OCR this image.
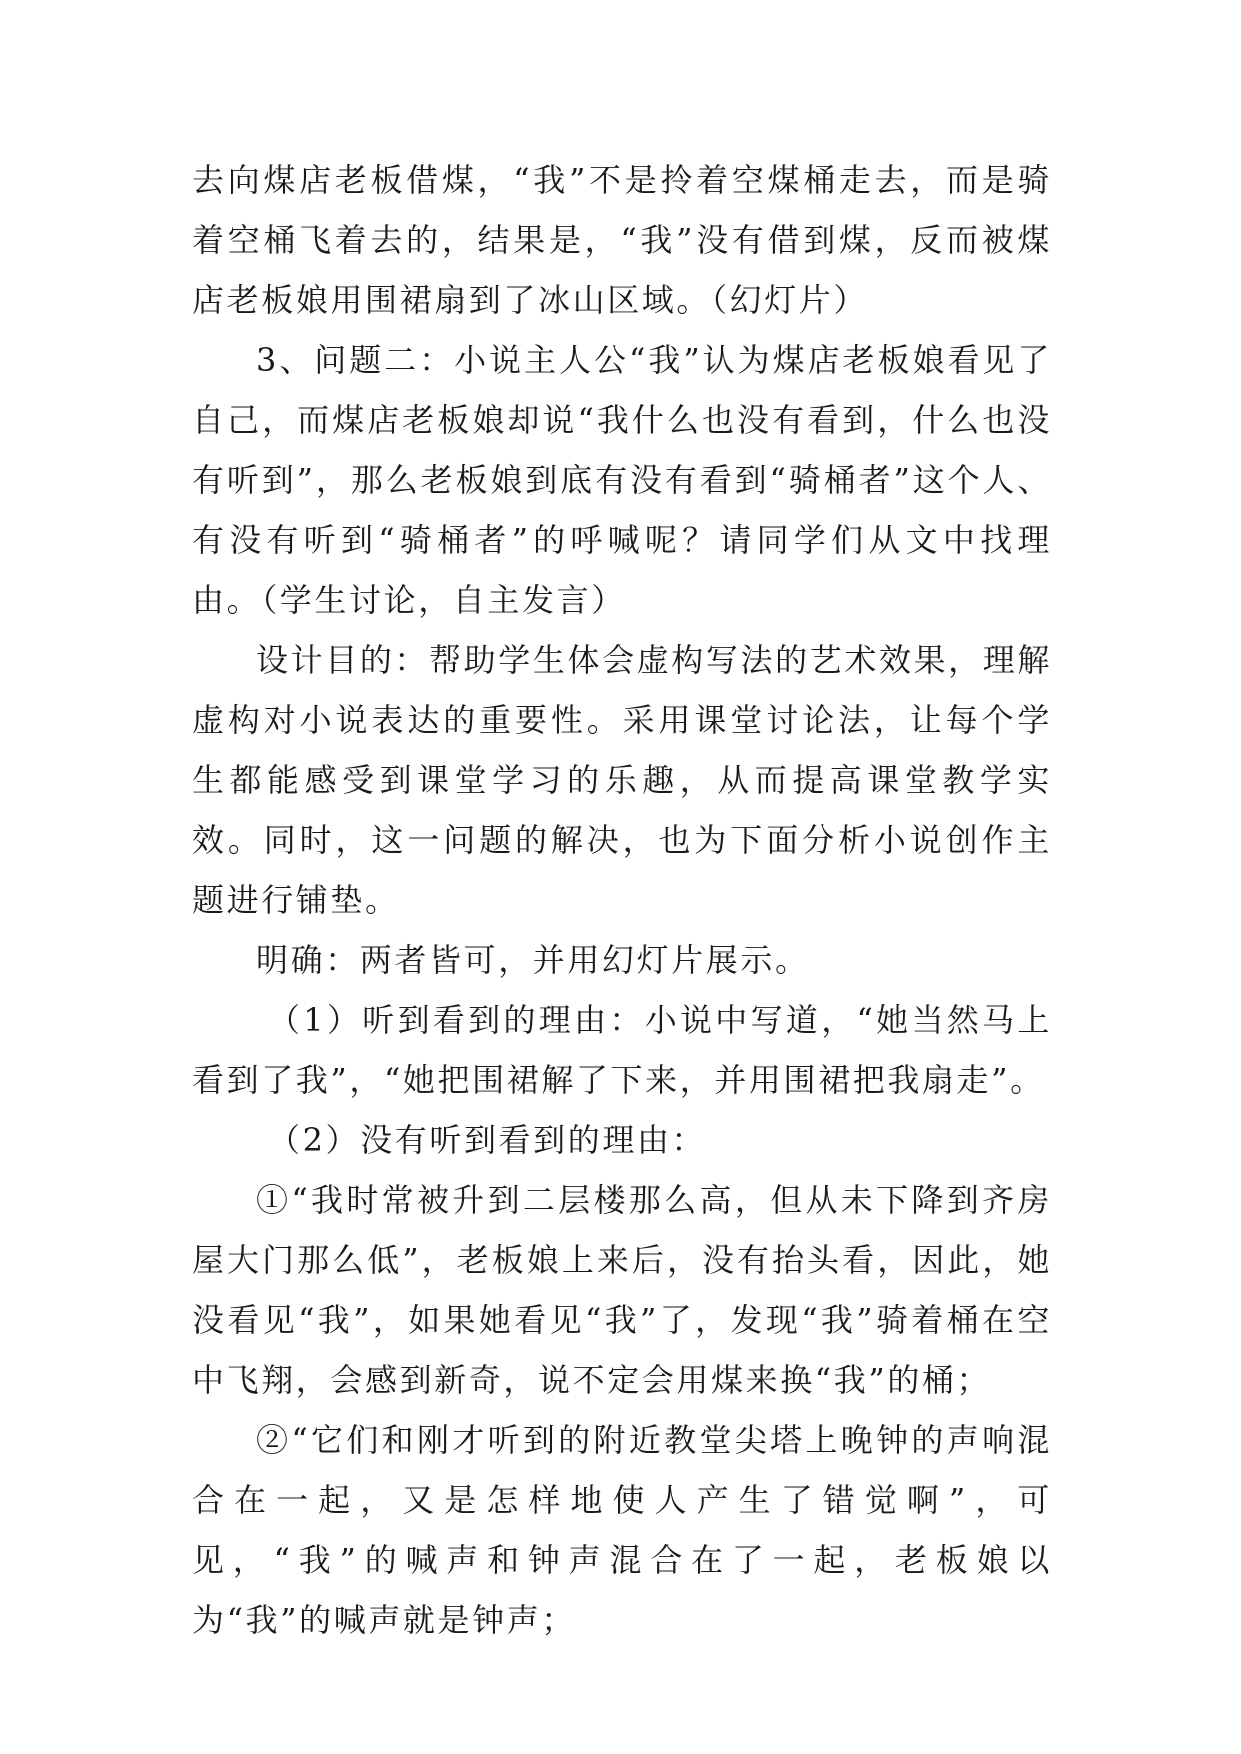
去向煤店老板借煤，“我”不是拎着空煤桶走去，而是骑着空桶飞着去的，结果是，“我”没有借到煤，反而被煤店老板娘用围裙扇到了冰山区域。（幻灯片）

3、问题二：小说主人公“我”认为煤店老板娘看见了自己，而煤店老板娘却说“我什么也没有看到，什么也没有听到”，那么老板娘到底有没有看到“骑桶者”这个人、有没有听到“骑桶者”的呼喊呢？请同学们从文中找理由。（学生讨论，自主发言）

设计目的：帮助学生体会虚构写法的艺术效果，理解虚构对小说表达的重要性。采用课堂讨论法，让每个学生都能感受到课堂学习的乐趣，从而提高课堂教学实效。同时，这一问题的解决，也为下面分析小说创作主题进行铺垫。

明确：两者皆可，并用幻灯片展示。

（1）听到看到的理由：小说中写道，“她当然马上看到了我”，“她把围裙解了下来，并用围裙把我扇走”。

（2）没有听到看到的理由：

①“我时常被升到二层楼那么高，但从未下降到齐房屋大门那么低”，老板娘上来后，没有抬头看，因此，她没看见“我”，如果她看见“我”了，发现“我”骑着桶在空中飞翔，会感到新奇，说不定会用煤来换“我”的桶；

②“它们和刚才听到的附近教堂尖塔上晚钟的声响混合在一起，又是怎样地使人产生了错觉啊”，可见，“我”的喊声和钟声混合在了一起，老板娘以为“我”的喊声就是钟声；
